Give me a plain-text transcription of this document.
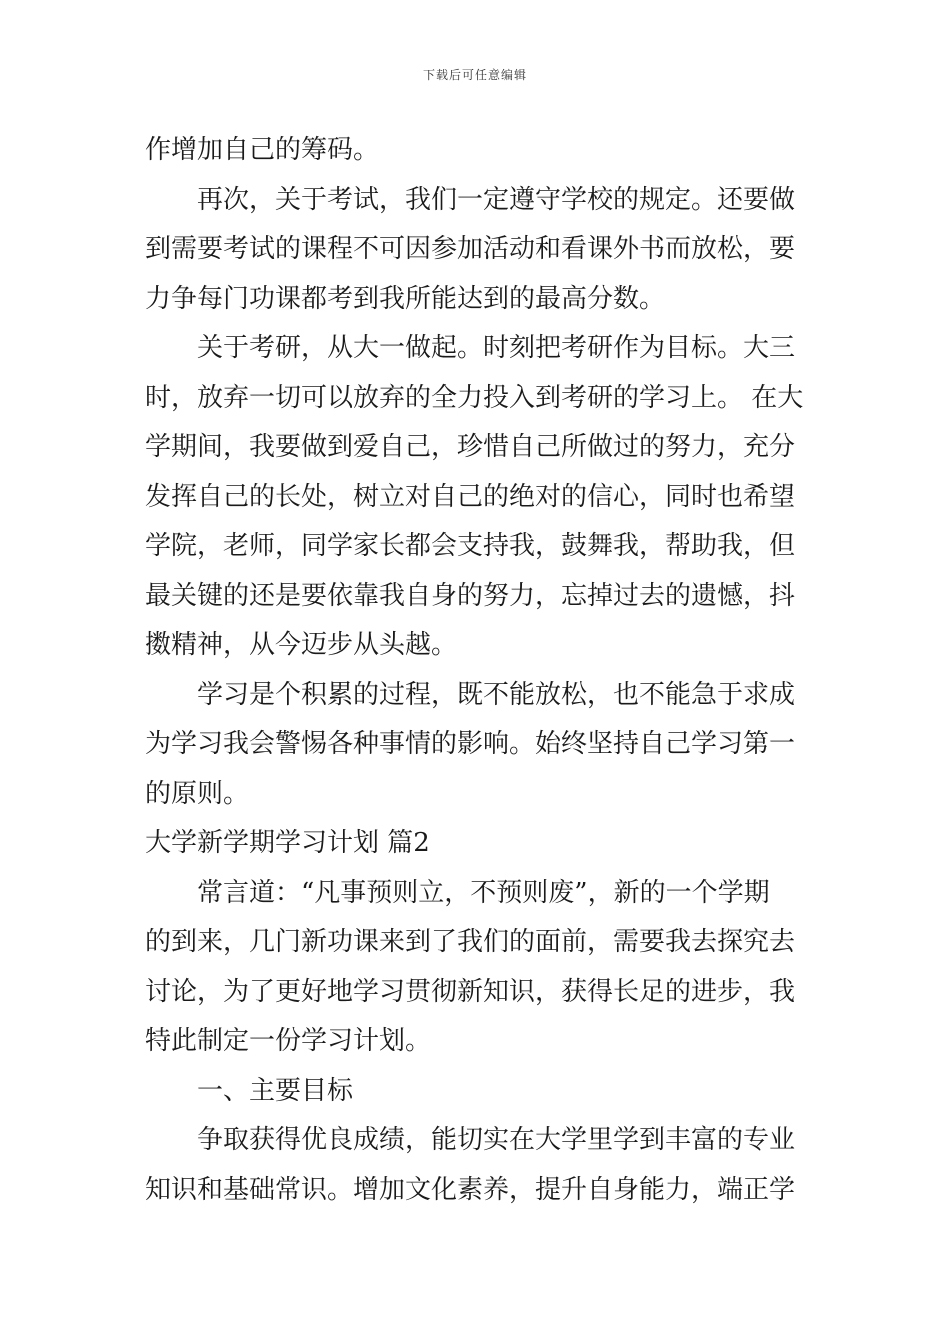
下载后可任意编辑
作增加自己的筹码。
再次，关于考试，我们一定遵守学校的规定。还要做
到需要考试的课程不可因参加活动和看课外书而放松，要
力争每门功课都考到我所能达到的最高分数。
关于考研，从大一做起。时刻把考研作为目标。大三
时，放弃一切可以放弃的全力投入到考研的学习上。 在大
学期间，我要做到爱自己，珍惜自己所做过的努力，充分
发挥自己的长处，树立对自己的绝对的信心，同时也希望
学院，老师，同学家长都会支持我，鼓舞我，帮助我，但
最关键的还是要依靠我自身的努力，忘掉过去的遗憾，抖
擞精神，从今迈步从头越。
学习是个积累的过程，既不能放松，也不能急于求成
为学习我会警惕各种事情的影响。始终坚持自己学习第一
的原则。
大学新学期学习计划 篇2
常言道：“凡事预则立，不预则废”，新的一个学期
的到来，几门新功课来到了我们的面前，需要我去探究去
讨论，为了更好地学习贯彻新知识，获得长足的进步，我
特此制定一份学习计划。
一、主要目标
争取获得优良成绩，能切实在大学里学到丰富的专业
知识和基础常识。增加文化素养，提升自身能力，端正学
